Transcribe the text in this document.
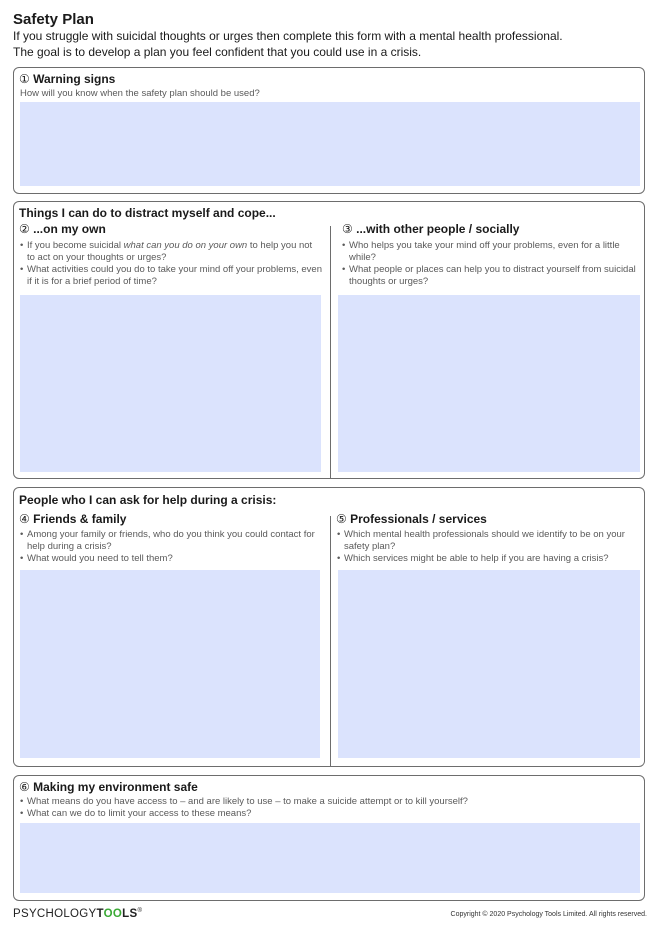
Safety Plan
If you struggle with suicidal thoughts or urges then complete this form with a mental health professional.
The goal is to develop a plan you feel confident that you could use in a crisis.
① Warning signs
How will you know when the safety plan should be used?
Things I can do to distract myself and cope...
② ...on my own
• If you become suicidal what can you do on your own to help you not to act on your thoughts or urges?
• What activities could you do to take your mind off your problems, even if it is for a brief period of time?
③ ...with other people / socially
• Who helps you take your mind off your problems, even for a little while?
• What people or places can help you to distract yourself from suicidal thoughts or urges?
People who I can ask for help during a crisis:
④ Friends & family
• Among your family or friends, who do you think you could contact for help during a crisis?
• What would you need to tell them?
⑤ Professionals / services
• Which mental health professionals should we identify to be on your safety plan?
• Which services might be able to help if you are having a crisis?
⑥ Making my environment safe
• What means do you have access to – and are likely to use – to make a suicide attempt or to kill yourself?
• What can we do to limit your access to these means?
PSYCHOLOGYTOOLS®	Copyright © 2020 Psychology Tools Limited. All rights reserved.
